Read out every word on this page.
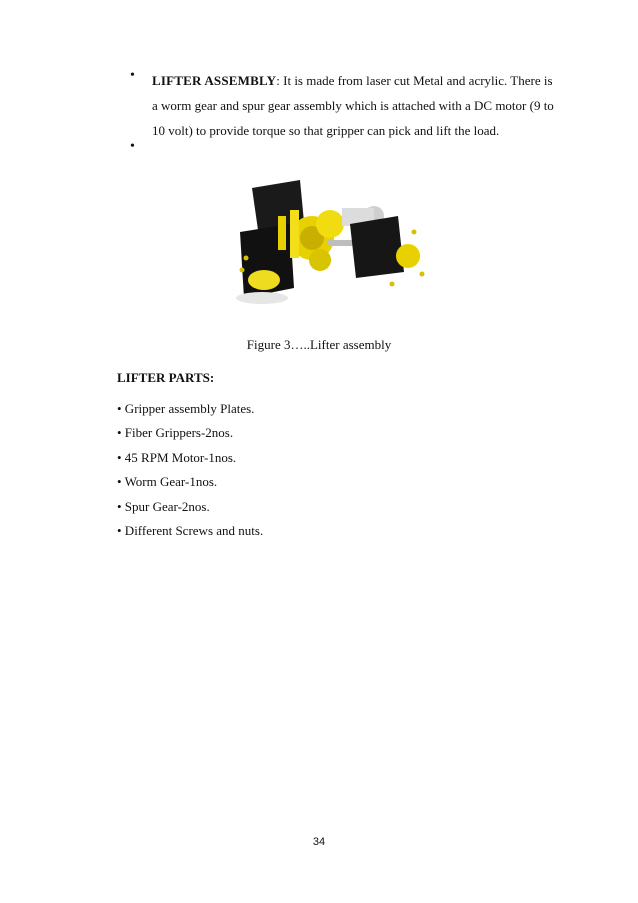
• LIFTER ASSEMBLY: It is made from laser cut Metal and acrylic. There is
a worm gear and spur gear assembly which is attached with a DC motor (9 to
10 volt) to provide torque so that gripper can pick and lift the load.
•
Figure 3…..Lifter assembly
LIFTER PARTS:
• Gripper assembly Plates.
• Fiber Grippers-2nos.
• 45 RPM Motor-1nos.
• Worm Gear-1nos.
• Spur Gear-2nos.
• Different Screws and nuts.
34
